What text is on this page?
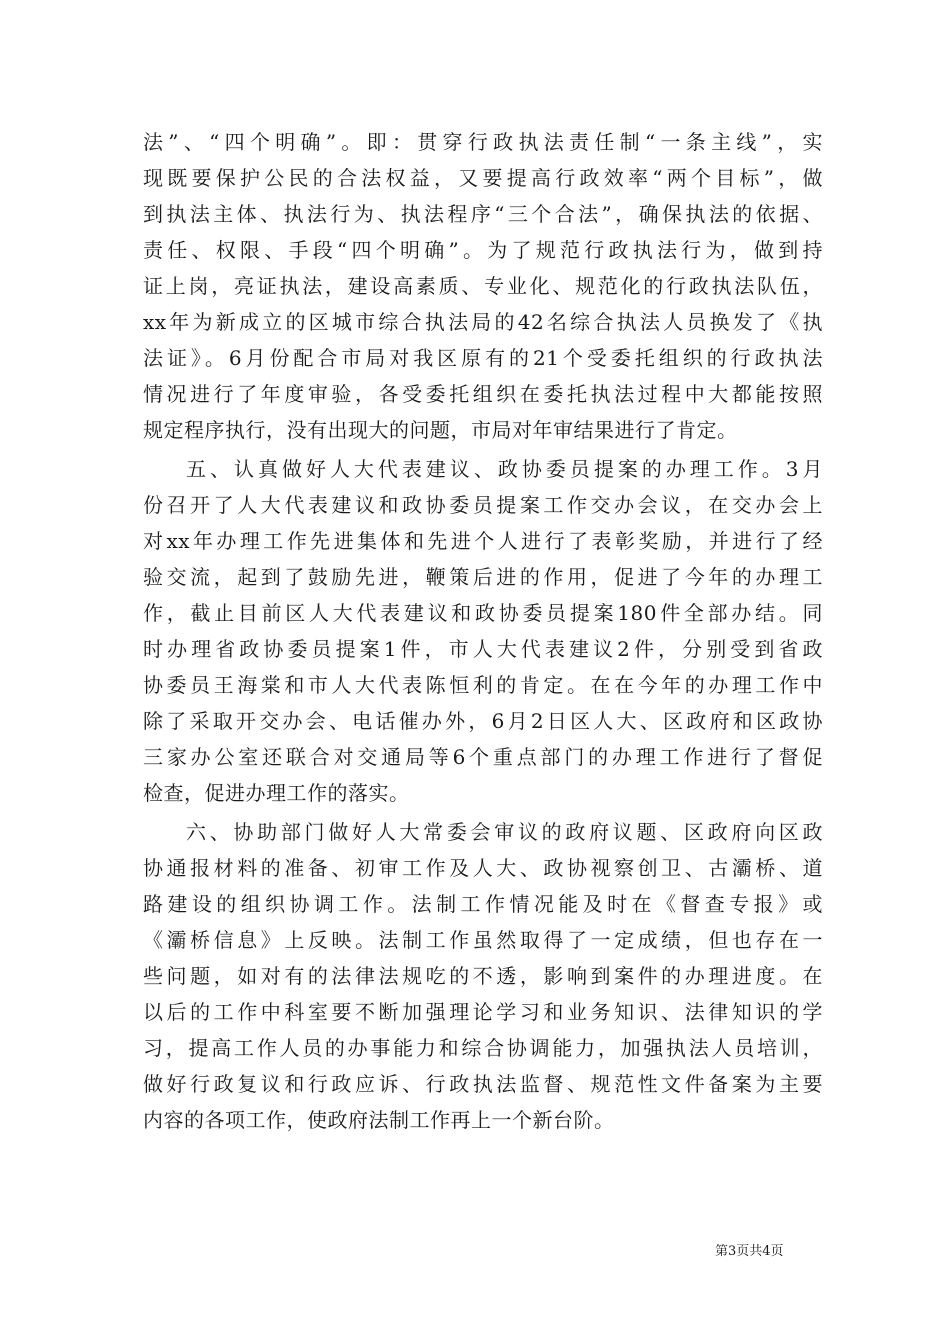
法”、“四个明确”。即：贯穿行政执法责任制“一条主线”，实
现既要保护公民的合法权益，又要提高行政效率“两个目标”，做
到执法主体、执法行为、执法程序“三个合法”，确保执法的依据、
责任、权限、手段“四个明确”。为了规范行政执法行为，做到持
证上岗，亮证执法，建设高素质、专业化、规范化的行政执法队伍，
xx年为新成立的区城市综合执法局的42名综合执法人员换发了《执
法证》。6月份配合市局对我区原有的21个受委托组织的行政执法
情况进行了年度审验，各受委托组织在委托执法过程中大都能按照
规定程序执行，没有出现大的问题，市局对年审结果进行了肯定。
五、认真做好人大代表建议、政协委员提案的办理工作。3月
份召开了人大代表建议和政协委员提案工作交办会议，在交办会上
对xx年办理工作先进集体和先进个人进行了表彰奖励，并进行了经
验交流，起到了鼓励先进，鞭策后进的作用，促进了今年的办理工
作，截止目前区人大代表建议和政协委员提案180件全部办结。同
时办理省政协委员提案1件，市人大代表建议2件，分别受到省政
协委员王海棠和市人大代表陈恒利的肯定。在在今年的办理工作中
除了采取开交办会、电话催办外，6月2日区人大、区政府和区政协
三家办公室还联合对交通局等6个重点部门的办理工作进行了督促
检查，促进办理工作的落实。
六、协助部门做好人大常委会审议的政府议题、区政府向区政
协通报材料的准备、初审工作及人大、政协视察创卫、古灞桥、道
路建设的组织协调工作。法制工作情况能及时在《督查专报》或
《灞桥信息》上反映。法制工作虽然取得了一定成绩，但也存在一
些问题，如对有的法律法规吃的不透，影响到案件的办理进度。在
以后的工作中科室要不断加强理论学习和业务知识、法律知识的学
习，提高工作人员的办事能力和综合协调能力，加强执法人员培训，
做好行政复议和行政应诉、行政执法监督、规范性文件备案为主要
内容的各项工作，使政府法制工作再上一个新台阶。
第3页共4页
